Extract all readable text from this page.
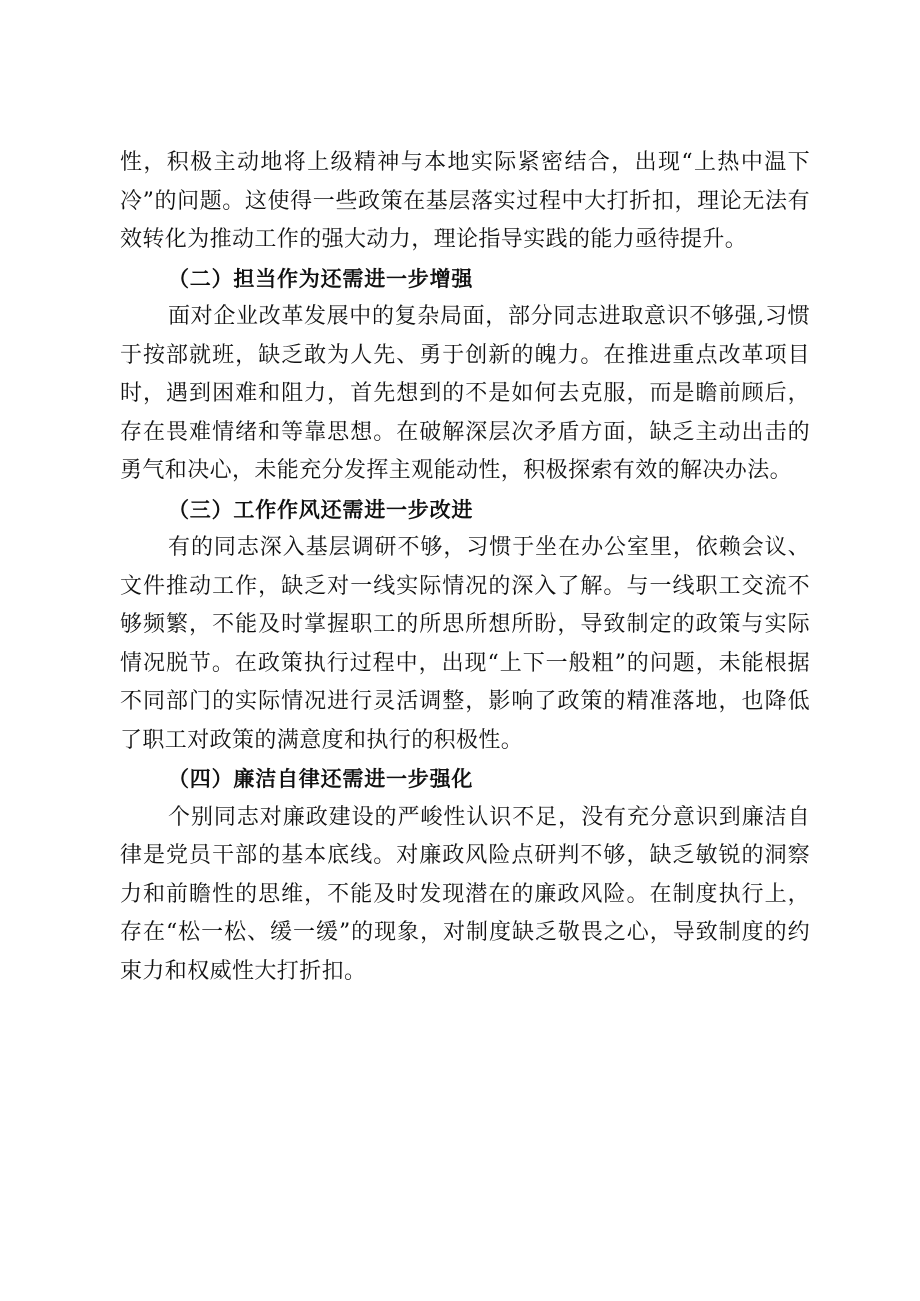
性，积极主动地将上级精神与本地实际紧密结合，出现“上热中温下冷”的问题。这使得一些政策在基层落实过程中大打折扣，理论无法有效转化为推动工作的强大动力，理论指导实践的能力亟待提升。

（二）担当作为还需进一步增强

面对企业改革发展中的复杂局面，部分同志进取意识不够强,习惯于按部就班，缺乏敢为人先、勇于创新的魄力。在推进重点改革项目时，遇到困难和阻力，首先想到的不是如何去克服，而是瞻前顾后，存在畏难情绪和等靠思想。在破解深层次矛盾方面，缺乏主动出击的勇气和决心，未能充分发挥主观能动性，积极探索有效的解决办法。

（三）工作作风还需进一步改进

有的同志深入基层调研不够，习惯于坐在办公室里，依赖会议、文件推动工作，缺乏对一线实际情况的深入了解。与一线职工交流不够频繁，不能及时掌握职工的所思所想所盼，导致制定的政策与实际情况脱节。在政策执行过程中，出现“上下一般粗”的问题，未能根据不同部门的实际情况进行灵活调整，影响了政策的精准落地，也降低了职工对政策的满意度和执行的积极性。

（四）廉洁自律还需进一步强化

个别同志对廉政建设的严峻性认识不足，没有充分意识到廉洁自律是党员干部的基本底线。对廉政风险点研判不够，缺乏敏锐的洞察力和前瞻性的思维，不能及时发现潜在的廉政风险。在制度执行上，存在“松一松、缓一缓”的现象，对制度缺乏敬畏之心，导致制度的约束力和权威性大打折扣。
